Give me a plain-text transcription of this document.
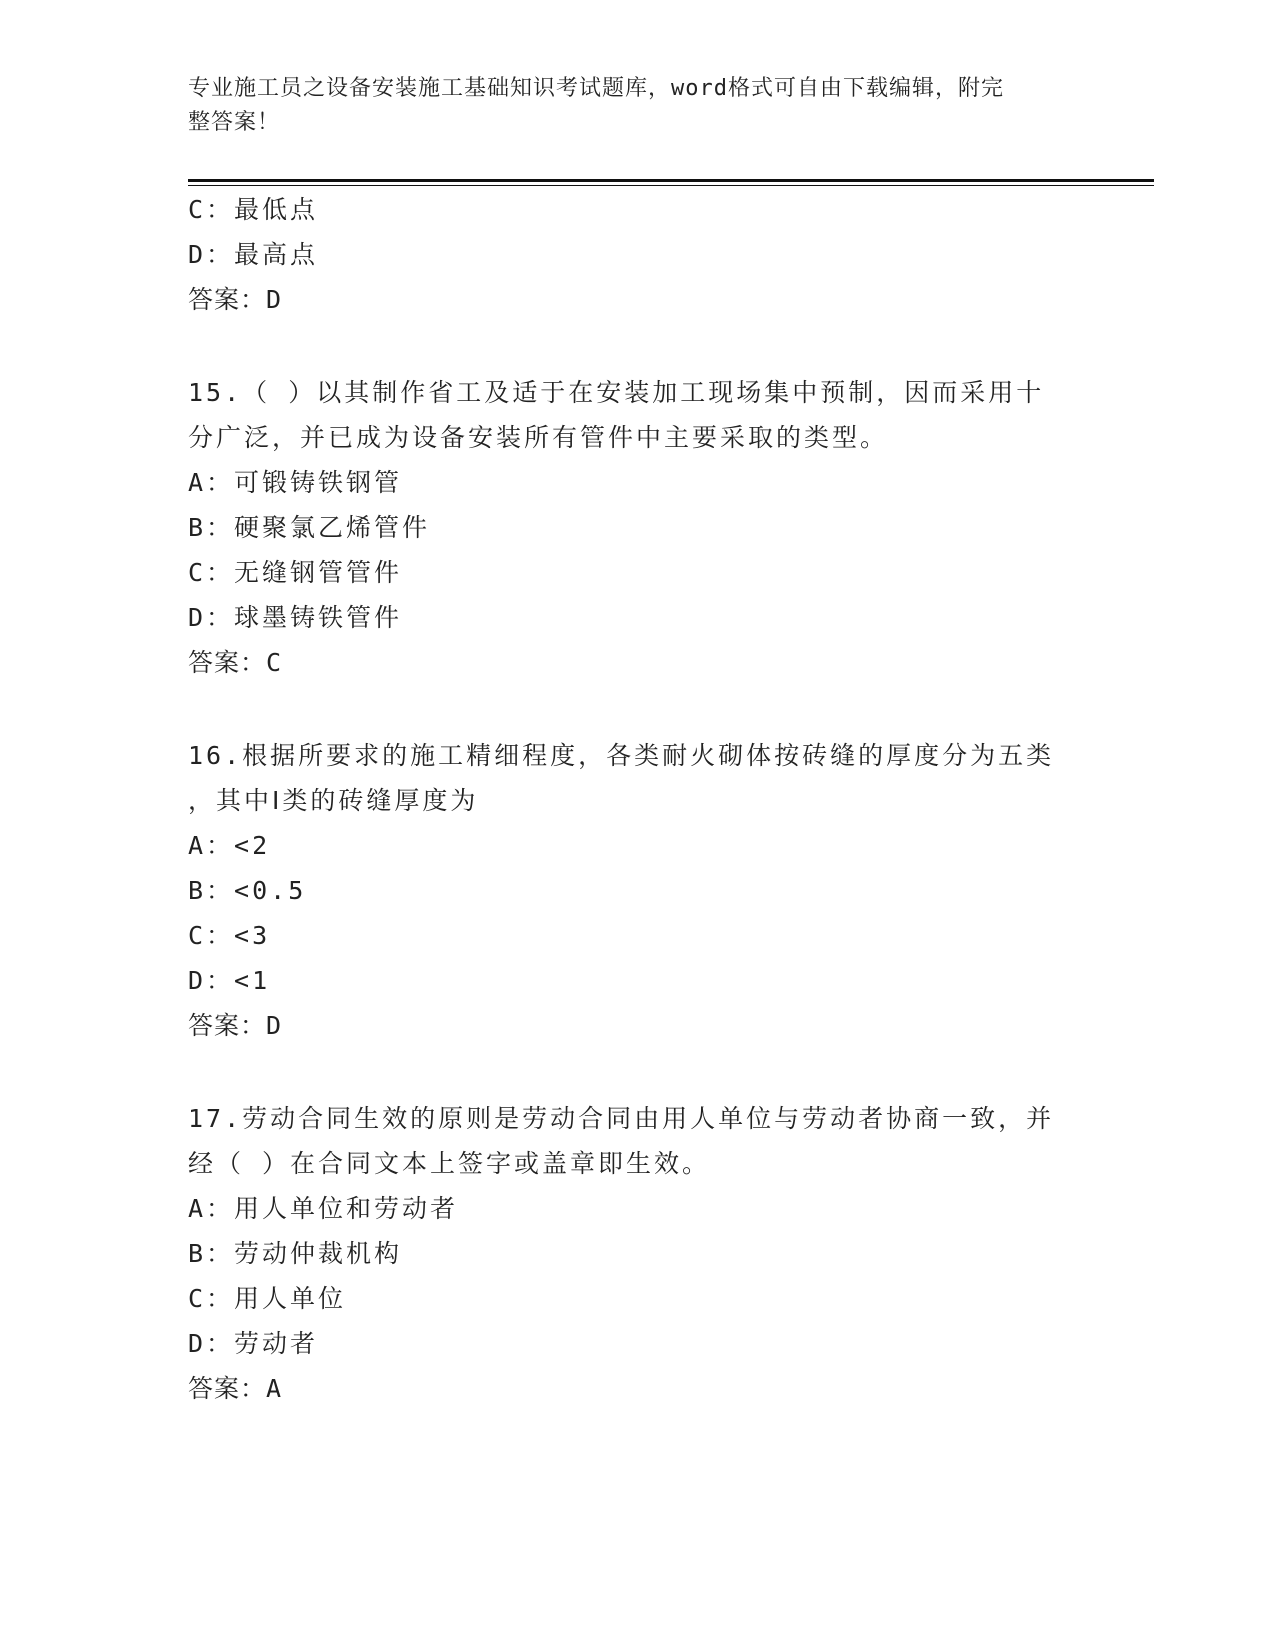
专业施工员之设备安装施工基础知识考试题库，word格式可自由下载编辑，附完
整答案！
C：最低点
D：最高点
答案：D
15.（ ）以其制作省工及适于在安装加工现场集中预制，因而采用十
分广泛，并已成为设备安装所有管件中主要采取的类型。
A：可锻铸铁钢管
B：硬聚氯乙烯管件
C：无缝钢管管件
D：球墨铸铁管件
答案：C
16.根据所要求的施工精细程度，各类耐火砌体按砖缝的厚度分为五类
，其中Ⅰ类的砖缝厚度为
A：<2
B：<0.5
C：<3
D：<1
答案：D
17.劳动合同生效的原则是劳动合同由用人单位与劳动者协商一致，并
经（ ）在合同文本上签字或盖章即生效。
A：用人单位和劳动者
B：劳动仲裁机构
C：用人单位
D：劳动者
答案：A
